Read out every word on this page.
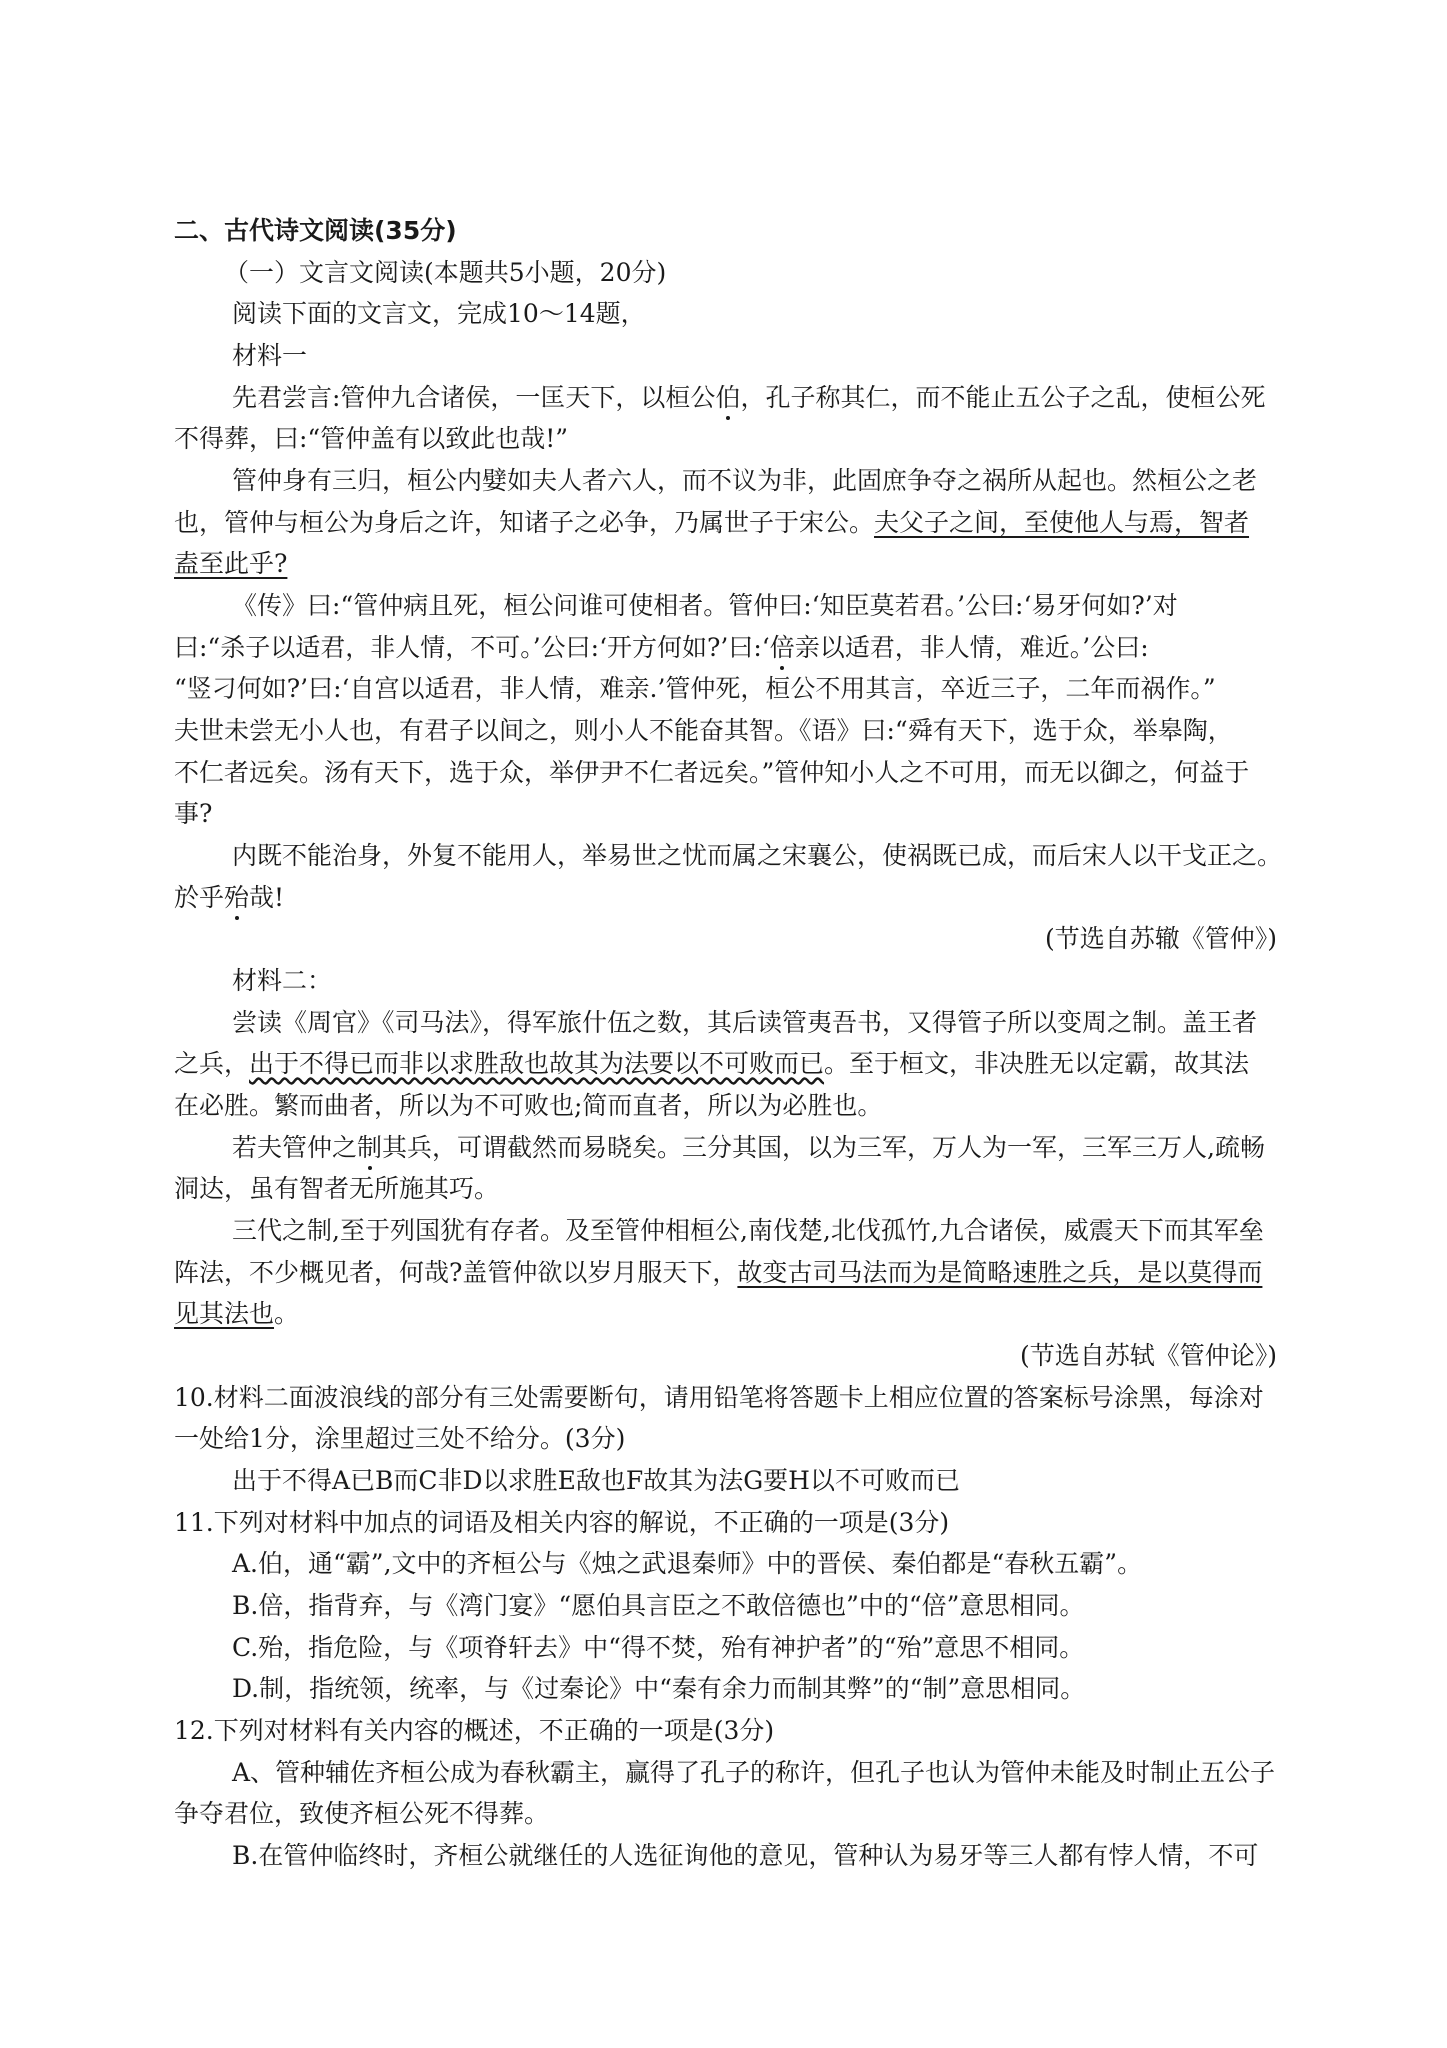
二、古代诗文阅读(35分)
（一）文言文阅读(本题共5小题，20分)
阅读下面的文言文，完成10～14题，
材料一
先君尝言:管仲九合诸侯，一匡天下，以桓公伯，孔子称其仁，而不能止五公子之乱，使桓公死
不得葬，曰:“管仲盖有以致此也哉!”
管仲身有三归，桓公内嬖如夫人者六人，而不议为非，此固庶争夺之祸所从起也。然桓公之老
也，管仲与桓公为身后之许，知诸子之必争，乃属世子于宋公。夫父子之间，至使他人与焉，智者
盍至此乎?
《传》曰:“管仲病且死，桓公问谁可使相者。管仲曰:‘知臣莫若君。’公曰:‘易牙何如?’对
曰:“杀子以适君，非人情，不可。’公曰:‘开方何如?’曰:‘倍亲以适君，非人情，难近。’公曰:
“竖刁何如?’曰:‘自宫以适君，非人情，难亲.’管仲死，桓公不用其言，卒近三子，二年而祸作。”
夫世未尝无小人也，有君子以间之，则小人不能奋其智。《语》曰:“舜有天下，选于众，举皋陶，
不仁者远矣。汤有天下，选于众，举伊尹不仁者远矣。”管仲知小人之不可用，而无以御之，何益于
事?
内既不能治身，外复不能用人，举易世之忧而属之宋襄公，使祸既已成，而后宋人以干戈正之。
於乎殆哉!
(节选自苏辙《管仲》)
材料二：
尝读《周官》《司马法》，得军旅什伍之数，其后读管夷吾书，又得管子所以变周之制。盖王者
之兵，出于不得已而非以求胜敌也故其为法要以不可败而已。至于桓文，非决胜无以定霸，故其法
在必胜。繁而曲者，所以为不可败也;简而直者，所以为必胜也。
若夫管仲之制其兵，可谓截然而易晓矣。三分其国，以为三军，万人为一军，三军三万人,疏畅
洞达，虽有智者无所施其巧。
三代之制,至于列国犹有存者。及至管仲相桓公,南伐楚,北伐孤竹,九合诸侯，威震天下而其军垒
阵法，不少概见者，何哉?盖管仲欲以岁月服天下，故变古司马法而为是简略速胜之兵，是以莫得而
见其法也。
(节选自苏轼《管仲论》)
10.材料二面波浪线的部分有三处需要断句，请用铅笔将答题卡上相应位置的答案标号涂黑，每涂对
一处给1分，涂里超过三处不给分。(3分)
出于不得A已B而C非D以求胜E敌也F故其为法G要H以不可败而已
11.下列对材料中加点的词语及相关内容的解说，不正确的一项是(3分)
A.伯，通“霸”,文中的齐桓公与《烛之武退秦师》中的晋侯、秦伯都是“春秋五霸”。
B.倍，指背弃，与《湾门宴》“愿伯具言臣之不敢倍德也”中的“倍”意思相同。
C.殆，指危险，与《项脊轩去》中“得不焚，殆有神护者”的“殆”意思不相同。
D.制，指统领，统率，与《过秦论》中“秦有余力而制其弊”的“制”意思相同。
12.下列对材料有关内容的概述，不正确的一项是(3分)
A、管种辅佐齐桓公成为春秋霸主，赢得了孔子的称许，但孔子也认为管仲未能及时制止五公子
争夺君位，致使齐桓公死不得葬。
B.在管仲临终时，齐桓公就继任的人选征询他的意见，管种认为易牙等三人都有悖人情，不可
